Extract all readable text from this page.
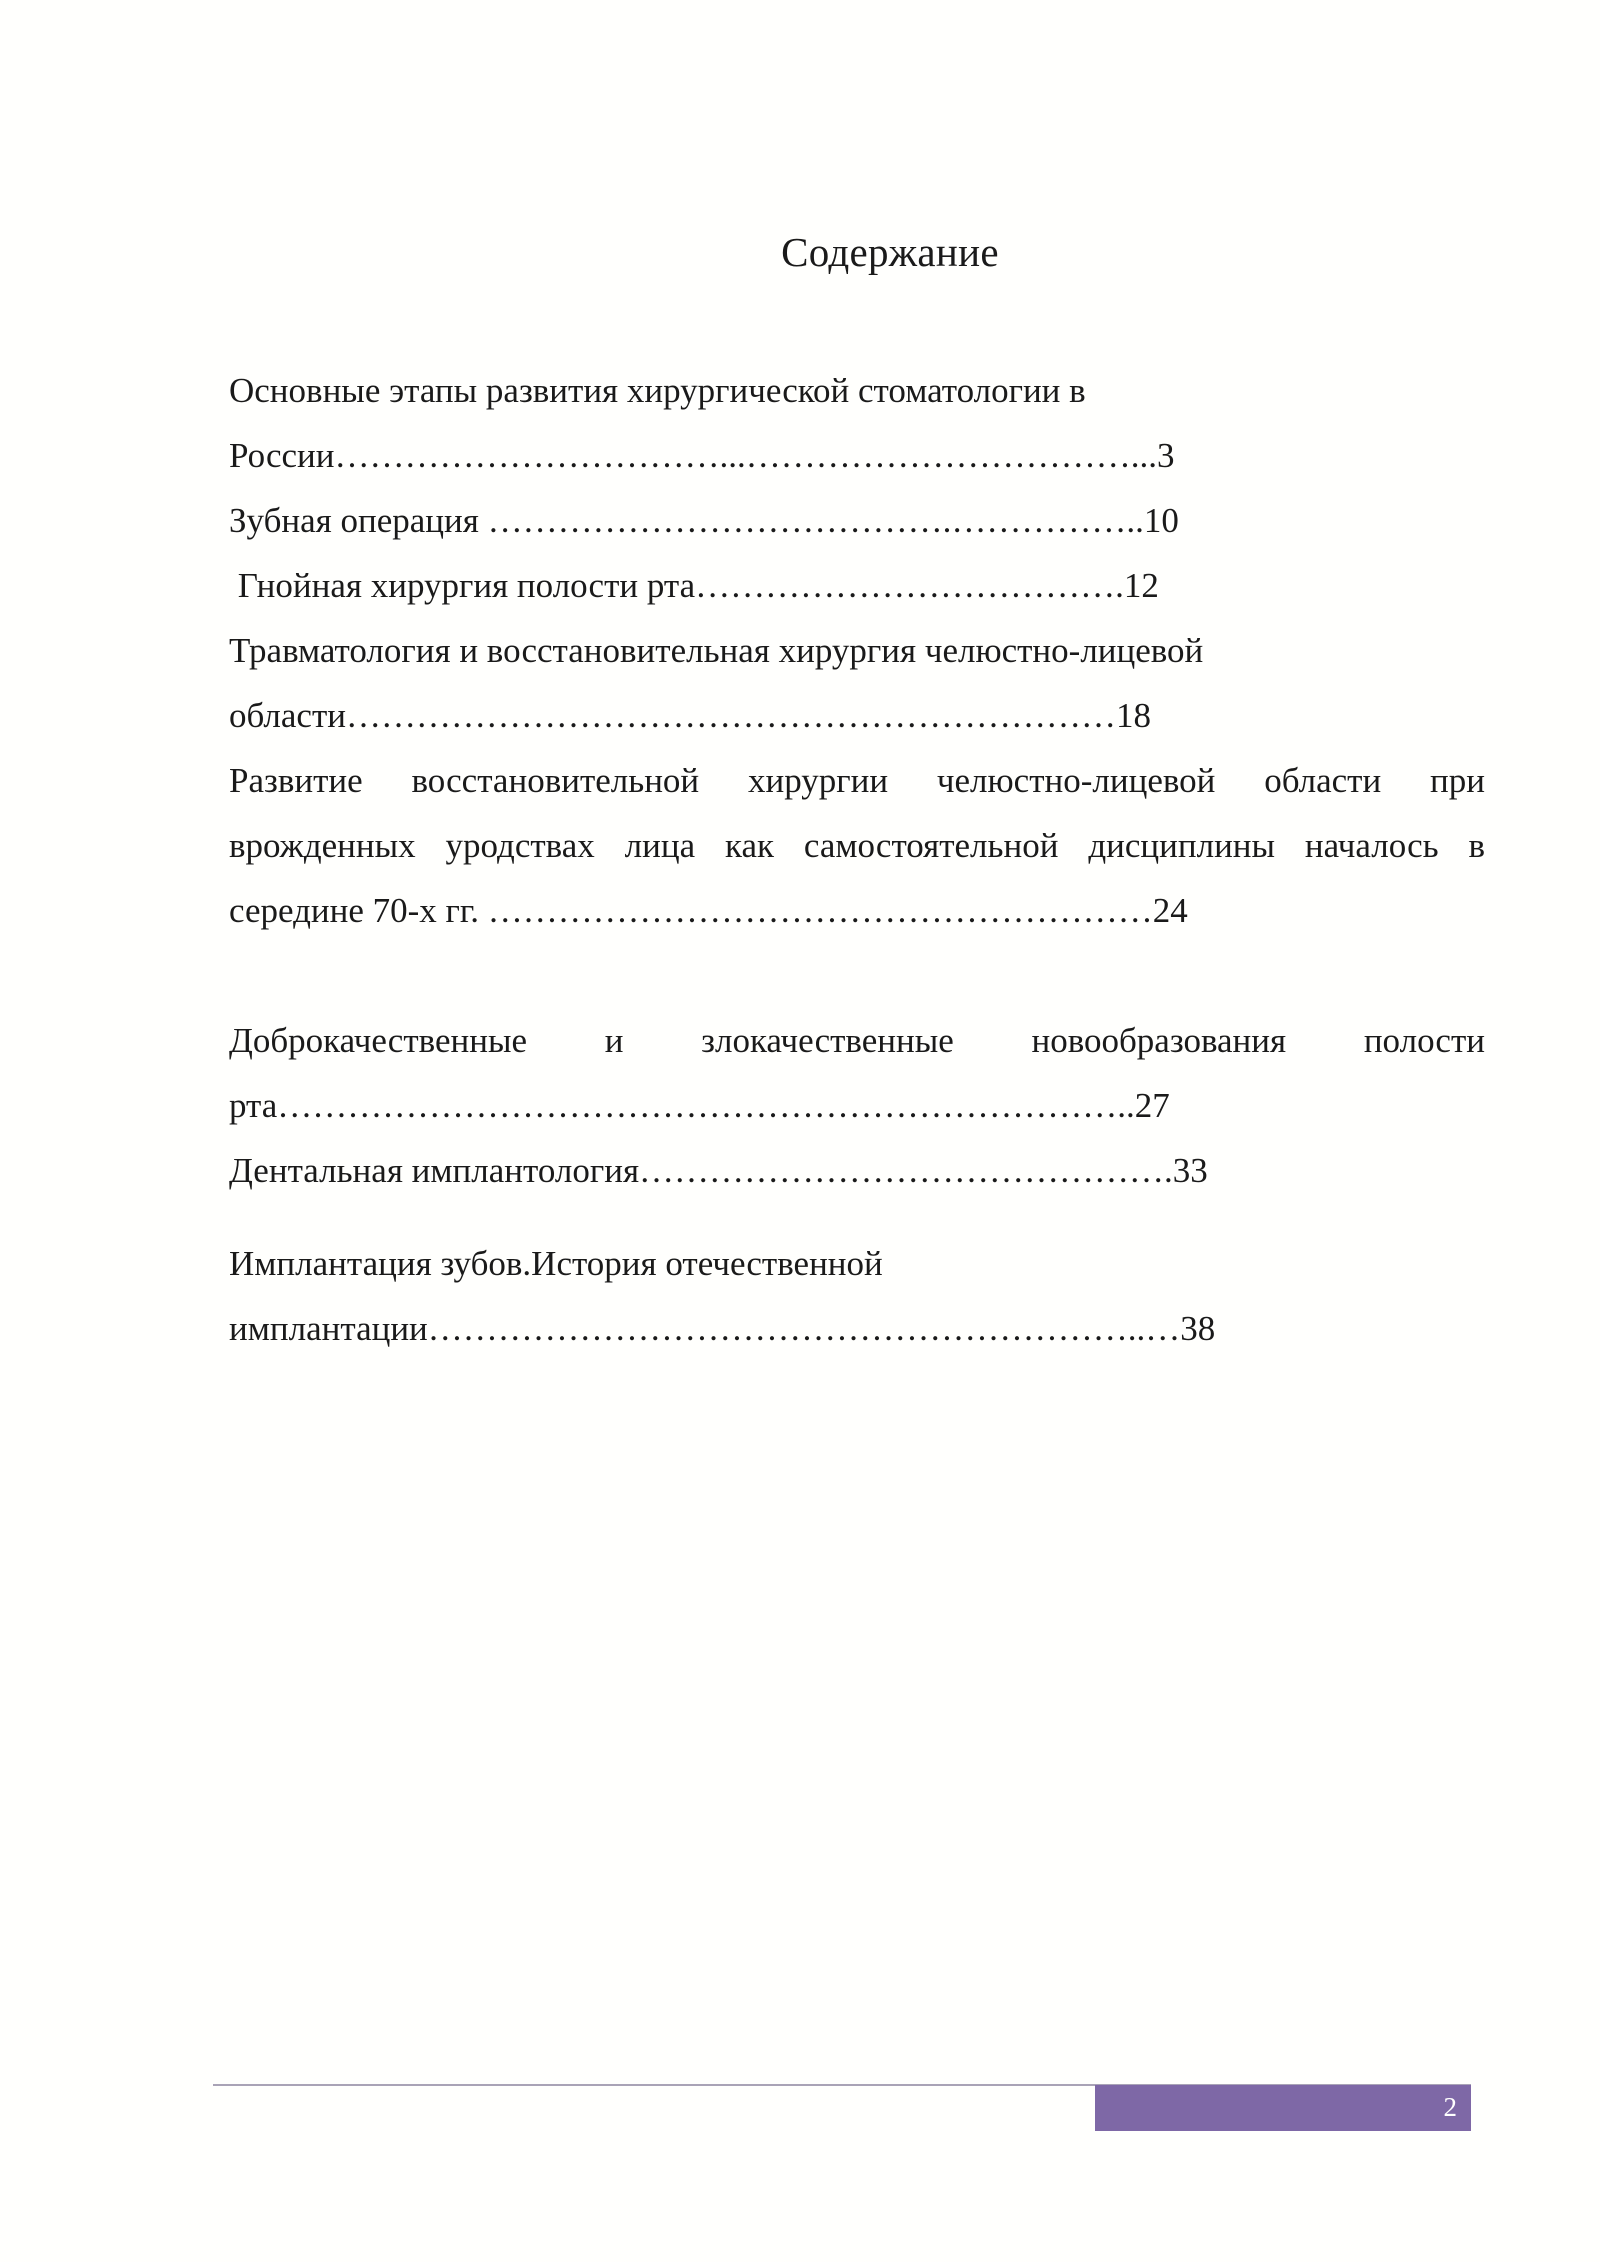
Содержание
Основные этапы развития хирургической стоматологии в
России……………………………...……………………………...3
Зубная операция ………………………………….……………..10
Гнойная хирургия полости рта……………………………….12
Травматология и восстановительная хирургия челюстно-лицевой
области…………………………………………………………18
Развитие восстановительной хирургии челюстно-лицевой области при
врожденных уродствах лица как самостоятельной дисциплины началось в
середине 70-х гг. …………………………………………………24
Доброкачественные и злокачественные новообразования полости
рта………………………………………………………………..27
Дентальная имплантология……………………………………….33
Имплантация зубов.История отечественной
имплантации……………………………………………………..…38
2
